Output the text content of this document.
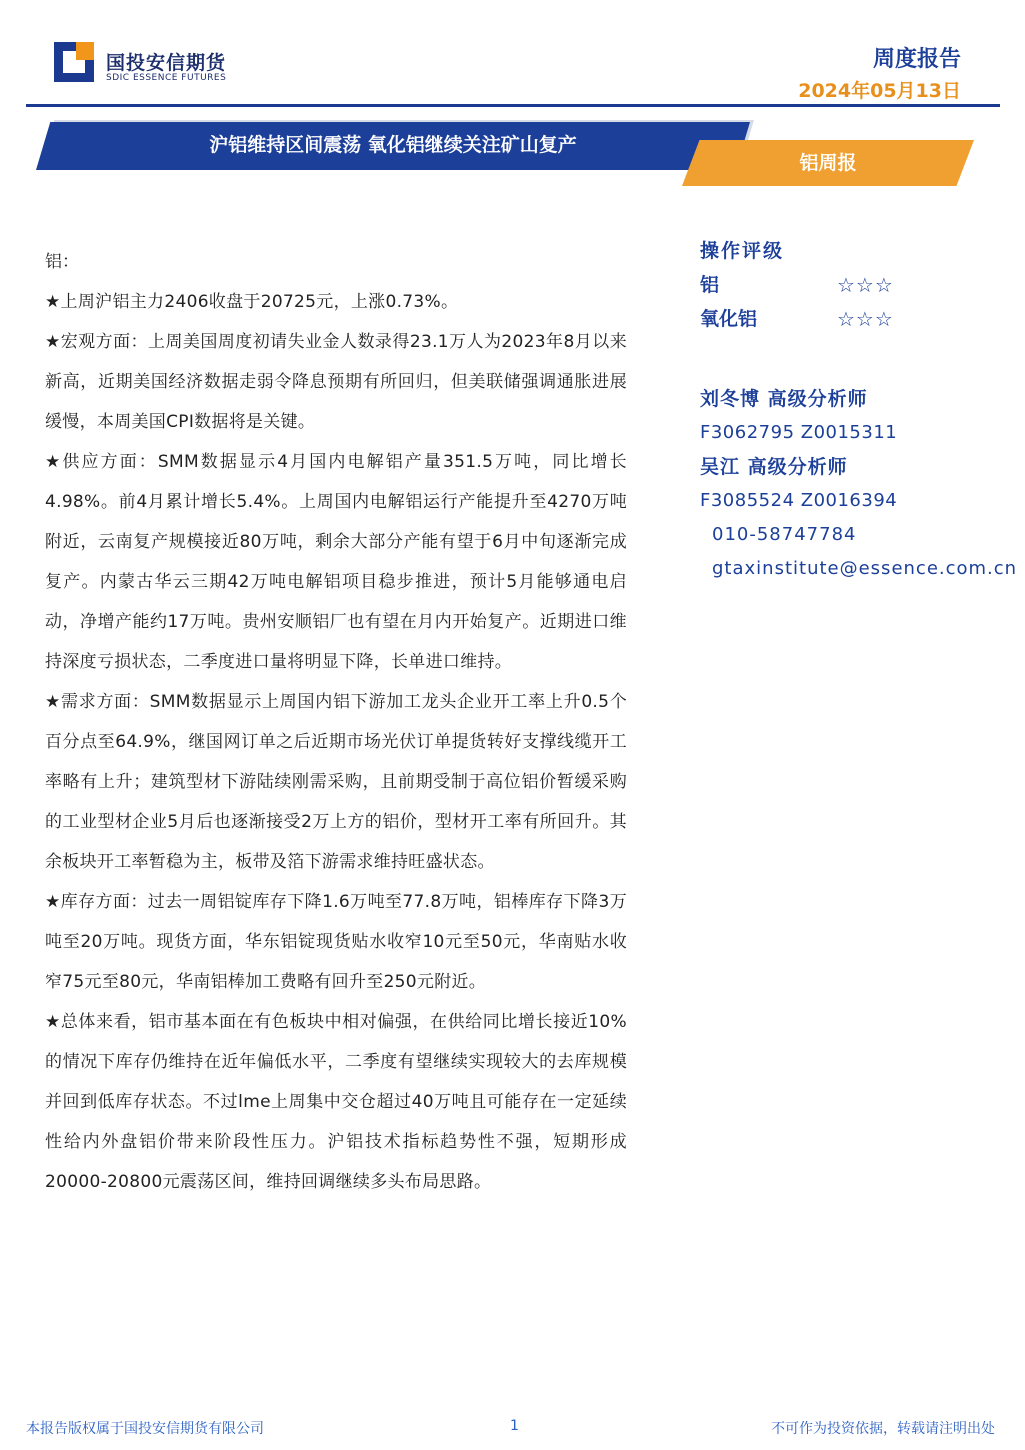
国投安信期货
SDIC ESSENCE FUTURES
周度报告
2024年05月13日
沪铝维持区间震荡 氧化铝继续关注矿山复产
铝周报

铝：

★上周沪铝主力2406收盘于20725元，上涨0.73%。

★宏观方面：上周美国周度初请失业金人数录得23.1万人为2023年8月以来新高，近期美国经济数据走弱令降息预期有所回归，但美联储强调通胀进展缓慢，本周美国CPI数据将是关键。

★供应方面：SMM数据显示4月国内电解铝产量351.5万吨，同比增长4.98%。前4月累计增长5.4%。上周国内电解铝运行产能提升至4270万吨附近，云南复产规模接近80万吨，剩余大部分产能有望于6月中旬逐渐完成复产。内蒙古华云三期42万吨电解铝项目稳步推进，预计5月能够通电启动，净增产能约17万吨。贵州安顺铝厂也有望在月内开始复产。近期进口维持深度亏损状态，二季度进口量将明显下降，长单进口维持。

★需求方面：SMM数据显示上周国内铝下游加工龙头企业开工率上升0.5个百分点至64.9%，继国网订单之后近期市场光伏订单提货转好支撑线缆开工率略有上升；建筑型材下游陆续刚需采购，且前期受制于高位铝价暂缓采购的工业型材企业5月后也逐渐接受2万上方的铝价，型材开工率有所回升。其余板块开工率暂稳为主，板带及箔下游需求维持旺盛状态。

★库存方面：过去一周铝锭库存下降1.6万吨至77.8万吨，铝棒库存下降3万吨至20万吨。现货方面，华东铝锭现货贴水收窄10元至50元，华南贴水收窄75元至80元，华南铝棒加工费略有回升至250元附近。

★总体来看，铝市基本面在有色板块中相对偏强，在供给同比增长接近10%的情况下库存仍维持在近年偏低水平，二季度有望继续实现较大的去库规模并回到低库存状态。不过lme上周集中交仓超过40万吨且可能存在一定延续性给内外盘铝价带来阶段性压力。沪铝技术指标趋势性不强，短期形成20000-20800元震荡区间，维持回调继续多头布局思路。

操作评级
铝	☆☆☆
氧化铝	☆☆☆
刘冬博 高级分析师
F3062795 Z0015311
吴江 高级分析师
F3085524 Z0016394
010-58747784
gtaxinstitute@essence.com.cn
本报告版权属于国投安信期货有限公司	1	不可作为投资依据，转载请注明出处
